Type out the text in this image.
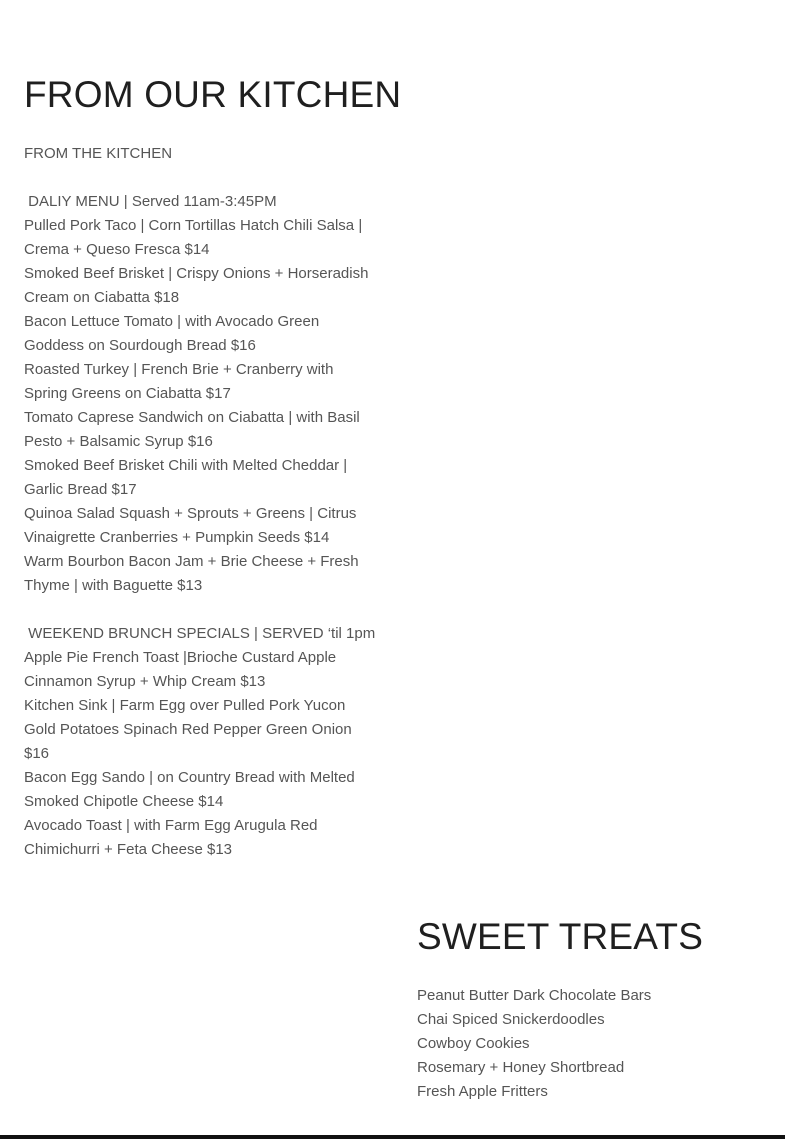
FROM OUR KITCHEN
FROM THE KITCHEN
DALIY MENU | Served 11am-3:45PM
Pulled Pork Taco | Corn Tortillas Hatch Chili Salsa | Crema + Queso Fresca $14
Smoked Beef Brisket | Crispy Onions + Horseradish Cream on Ciabatta $18
Bacon Lettuce Tomato | with Avocado Green Goddess on Sourdough Bread $16
Roasted Turkey | French Brie + Cranberry with Spring Greens on Ciabatta $17
Tomato Caprese Sandwich on Ciabatta | with Basil Pesto + Balsamic Syrup $16
Smoked Beef Brisket Chili with Melted Cheddar | Garlic Bread $17
Quinoa Salad Squash + Sprouts + Greens | Citrus Vinaigrette Cranberries + Pumpkin Seeds $14
Warm Bourbon Bacon Jam + Brie Cheese + Fresh Thyme | with Baguette $13
WEEKEND BRUNCH SPECIALS | SERVED ‘til 1pm
Apple Pie French Toast |Brioche Custard Apple Cinnamon Syrup + Whip Cream $13
Kitchen Sink | Farm Egg over Pulled Pork Yucon Gold Potatoes Spinach Red Pepper Green Onion $16
Bacon Egg Sando | on Country Bread with Melted Smoked Chipotle Cheese $14
Avocado Toast | with Farm Egg Arugula Red Chimichurri + Feta Cheese $13
SWEET TREATS
Peanut Butter Dark Chocolate Bars
Chai Spiced Snickerdoodles
Cowboy Cookies
Rosemary + Honey Shortbread
Fresh Apple Fritters
